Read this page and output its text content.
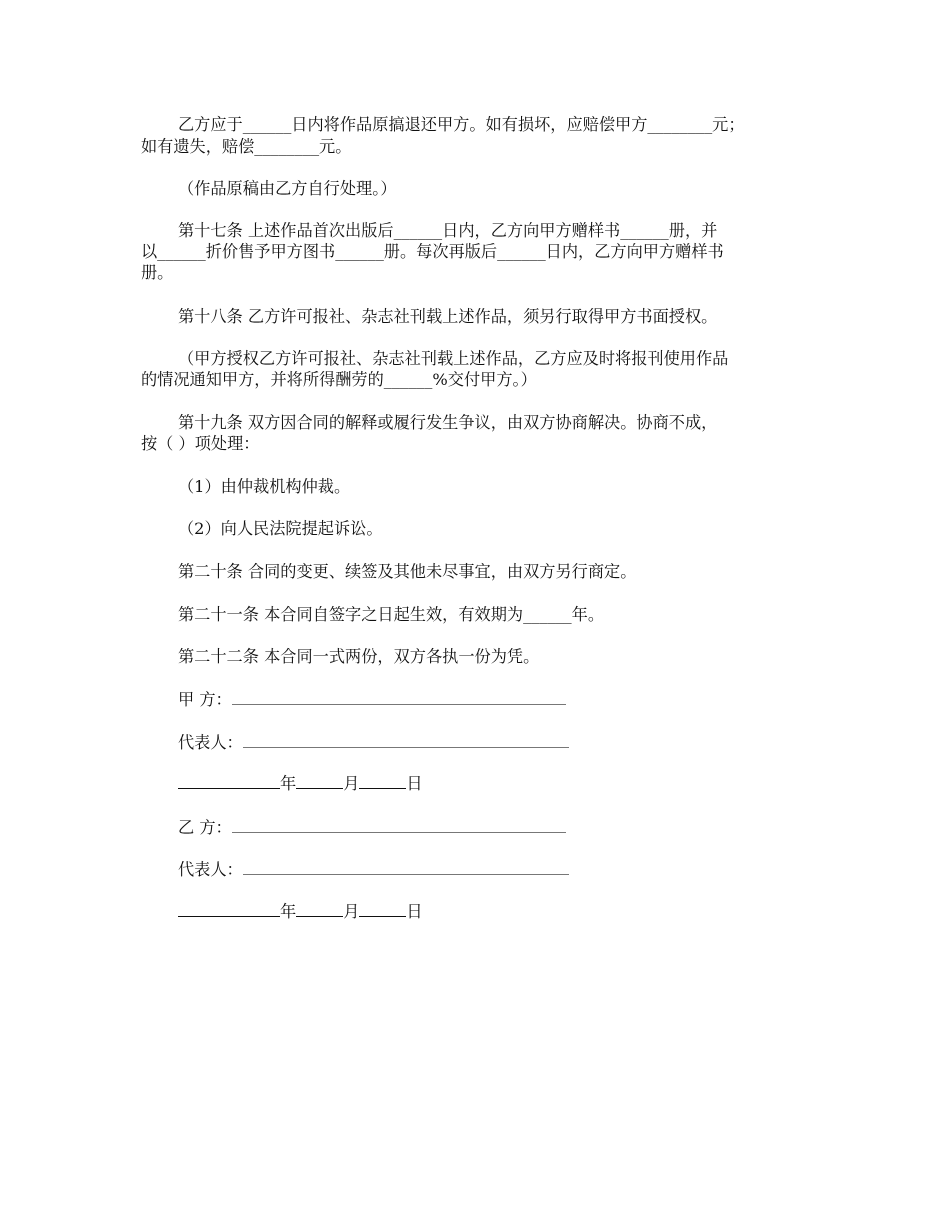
乙方应于______日内将作品原搞退还甲方。如有损坏，应赔偿甲方________元；
如有遗失，赔偿________元。
（作品原稿由乙方自行处理。）
第十七条 上述作品首次出版后______日内，乙方向甲方赠样书______册，并
以______折价售予甲方图书______册。每次再版后______日内，乙方向甲方赠样书
册。
第十八条 乙方许可报社、杂志社刊载上述作品，须另行取得甲方书面授权。
（甲方授权乙方许可报社、杂志社刊载上述作品，乙方应及时将报刊使用作品
的情况通知甲方，并将所得酬劳的______%交付甲方。）
第十九条 双方因合同的解释或履行发生争议，由双方协商解决。协商不成，
按（ ）项处理：
（1）由仲裁机构仲裁。
（2）向人民法院提起诉讼。
第二十条 合同的变更、续签及其他未尽事宜，由双方另行商定。
第二十一条 本合同自签字之日起生效，有效期为______年。
第二十二条 本合同一式两份，双方各执一份为凭。
甲 方：
代表人：
年	月	日
乙 方：
代表人：
年	月	日
